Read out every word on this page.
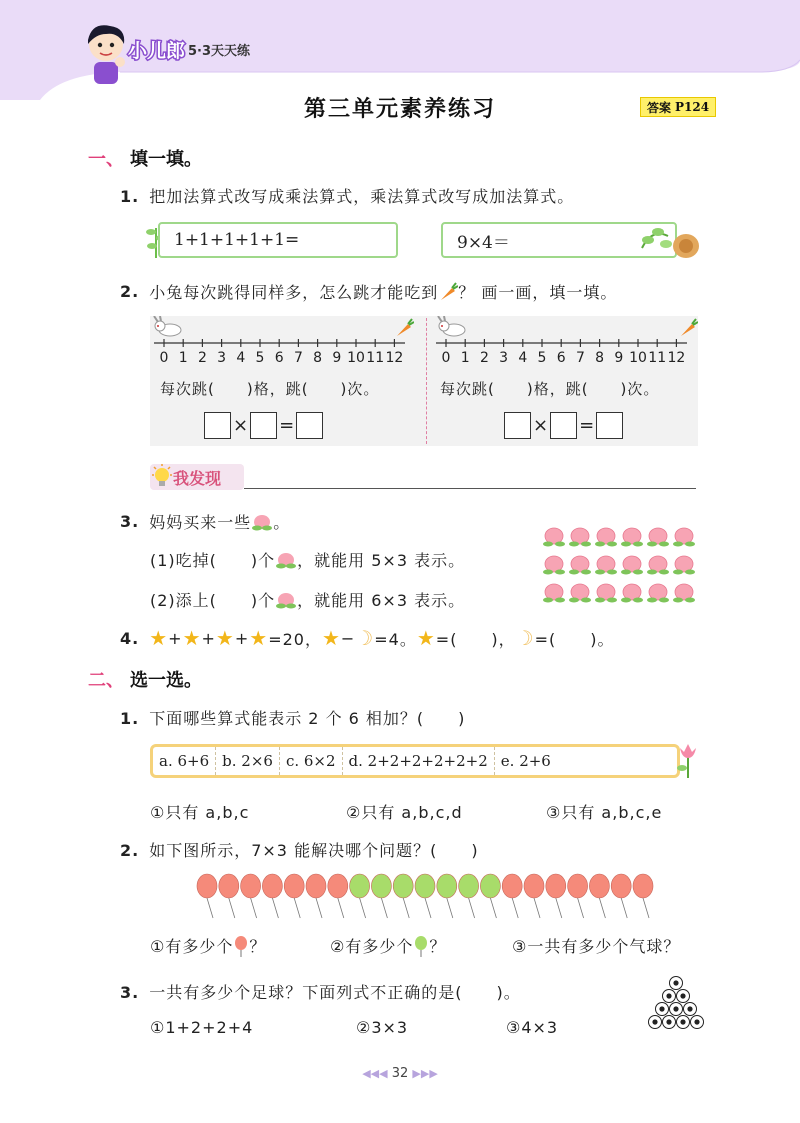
小儿郎 5·3天天练
第三单元素养练习	答案 P124
一、 填一填。
1. 把加法算式改写成乘法算式，乘法算式改写成加法算式。
1+1+1+1+1=	9×4＝
2. 小兔每次跳得同样多，怎么跳才能吃到 ？ 画一画，填一填。
0 1 2 3 4 5 6 7 8 9 10 11 12	0 1 2 3 4 5 6 7 8 9 10 11 12
每次跳(　　)格，跳(　　)次。	每次跳(　　)格，跳(　　)次。
× =	× =
我发现
3. 妈妈买来一些 。
(1)吃掉(　　)个 ，就能用 5×3 表示。
(2)添上(　　)个 ，就能用 6×3 表示。
4. ★ + ★ + ★ + ★ =20， ★ − ☽ =4。 ★ =(　　)， ☽ =(　　)。
二、 选一选。
1. 下面哪些算式能表示 2 个 6 相加？(　　)
a. 6+6 b. 2×6 c. 6×2 d. 2+2+2+2+2+2 e. 2+6
①只有 a,b,c	②只有 a,b,c,d	③只有 a,b,c,e
2. 如下图所示，7×3 能解决哪个问题？(　　)
①有多少个 ？	②有多少个 ？	③一共有多少个气球？
3. 一共有多少个足球？下面列式不正确的是(　　)。
①1+2+2+4	②3×3	③4×3
◀◀◀ 32 ▶▶▶
